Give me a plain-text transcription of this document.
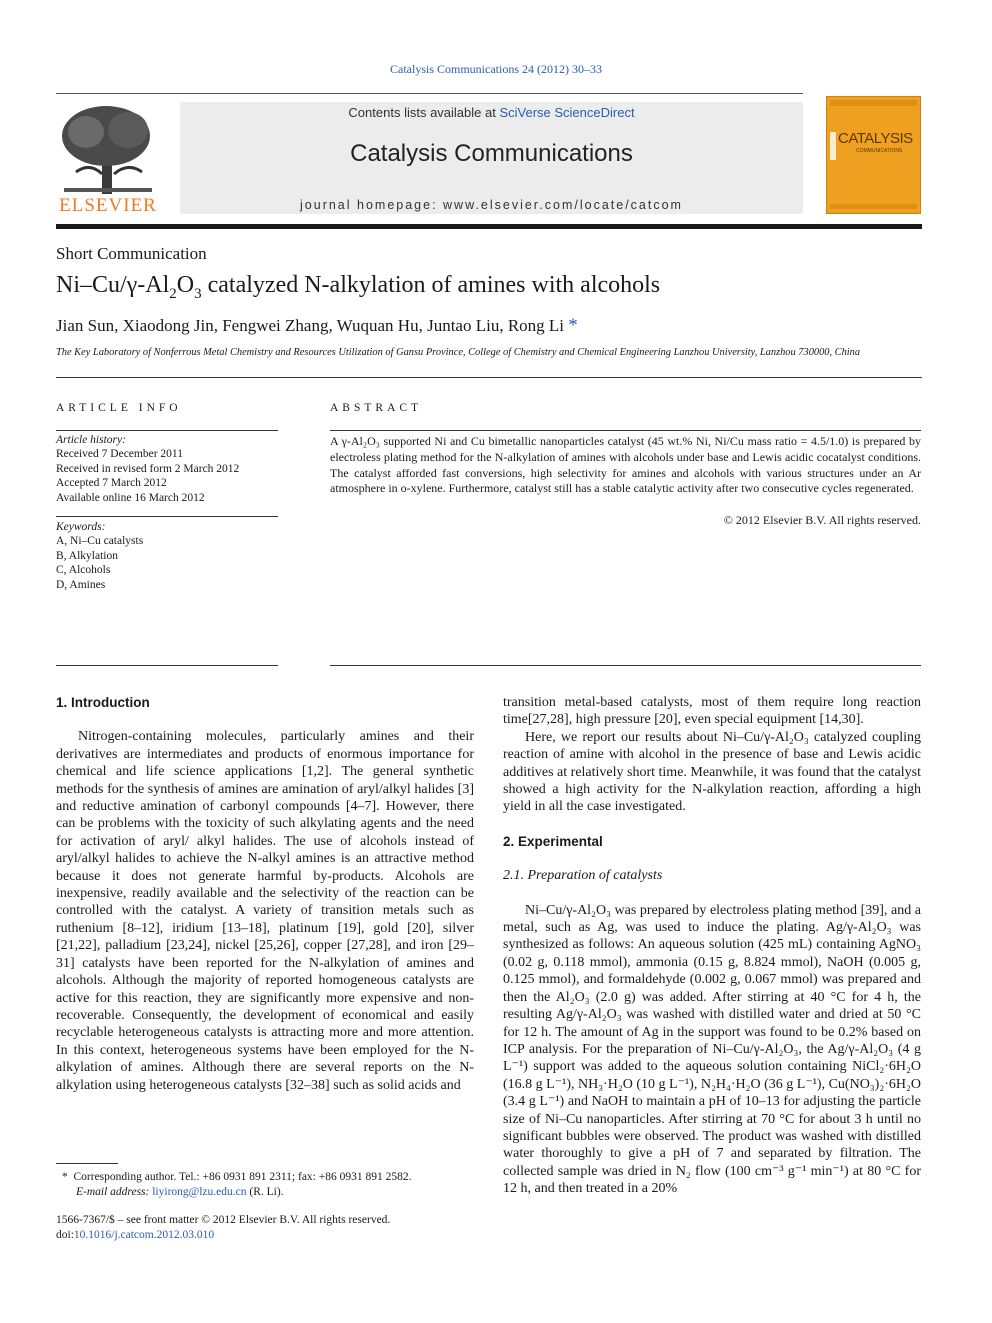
Catalysis Communications 24 (2012) 30–33
ELSEVIER
Contents lists available at SciVerse ScienceDirect
Catalysis Communications
journal homepage: www.elsevier.com/locate/catcom
CATALYSIS
COMMUNICATIONS
Short Communication
$Ni-Cu/\gamma-Al_2O_3$ catalyzed N-alkylation of amines with alcohols
Jian Sun, Xiaodong Jin, Fengwei Zhang, Wuquan Hu, Juntao Liu, Rong Li *
The Key Laboratory of Nonferrous Metal Chemistry and Resources Utilization of Gansu Province, College of Chemistry and Chemical Engineering Lanzhou University, Lanzhou 730000, China
ARTICLE INFO
Article history:
Received 7 December 2011
Received in revised form 2 March 2012
Accepted 7 March 2012
Available online 16 March 2012
Keywords:
A, Ni–Cu catalysts
B, Alkylation
C, Alcohols
D, Amines
ABSTRACT
A γ-Al₂O₃ supported Ni and Cu bimetallic nanoparticles catalyst (45 wt.% Ni, Ni/Cu mass ratio = 4.5/1.0) is prepared by electroless plating method for the N-alkylation of amines with alcohols under base and Lewis acidic cocatalyst conditions. The catalyst afforded fast conversions, high selectivity for amines and alcohols with various structures under an Ar atmosphere in o-xylene. Furthermore, catalyst still has a stable catalytic activity after two consecutive cycles regenerated.
© 2012 Elsevier B.V. All rights reserved.
1. Introduction

Nitrogen-containing molecules, particularly amines and their derivatives are intermediates and products of enormous importance for chemical and life science applications [1,2]. The general synthetic methods for the synthesis of amines are amination of aryl/alkyl halides [3] and reductive amination of carbonyl compounds [4–7]. However, there can be problems with the toxicity of such alkylating agents and the need for activation of aryl/ alkyl halides. The use of alcohols instead of aryl/alkyl halides to achieve the N-alkyl amines is an attractive method because it does not generate harmful by-products. Alcohols are inexpensive, readily available and the selectivity of the reaction can be controlled with the catalyst. A variety of transition metals such as ruthenium [8–12], iridium [13–18], platinum [19], gold [20], silver [21,22], palladium [23,24], nickel [25,26], copper [27,28], and iron [29–31] catalysts have been reported for the N-alkylation of amines and alcohols. Although the majority of reported homogeneous catalysts are active for this reaction, they are significantly more expensive and non-recoverable. Consequently, the development of economical and easily recyclable heterogeneous catalysts is attracting more and more attention. In this context, heterogeneous systems have been employed for the N-alkylation of amines. Although there are several reports on the N-alkylation using heterogeneous catalysts [32–38] such as solid acids and

transition metal-based catalysts, most of them require long reaction time[27,28], high pressure [20], even special equipment [14,30].

Here, we report our results about Ni–Cu/γ-Al₂O₃ catalyzed coupling reaction of amine with alcohol in the presence of base and Lewis acidic additives at relatively short time. Meanwhile, it was found that the catalyst showed a high activity for the N-alkylation reaction, affording a high yield in all the case investigated.

2. Experimental
2.1. Preparation of catalysts

Ni–Cu/γ-Al₂O₃ was prepared by electroless plating method [39], and a metal, such as Ag, was used to induce the plating. Ag/γ-Al₂O₃ was synthesized as follows: An aqueous solution (425 mL) containing AgNO₃ (0.02 g, 0.118 mmol), ammonia (0.15 g, 8.824 mmol), NaOH (0.005 g, 0.125 mmol), and formaldehyde (0.002 g, 0.067 mmol) was prepared and then the Al₂O₃ (2.0 g) was added. After stirring at 40 °C for 4 h, the resulting Ag/γ-Al₂O₃ was washed with distilled water and dried at 50 °C for 12 h. The amount of Ag in the support was found to be 0.2% based on ICP analysis. For the preparation of Ni–Cu/γ-Al₂O₃, the Ag/γ-Al₂O₃ (4 g L⁻¹) support was added to the aqueous solution containing NiCl₂·6H₂O (16.8 g L⁻¹), NH₃·H₂O (10 g L⁻¹), N₂H₄·H₂O (36 g L⁻¹), Cu(NO₃)₂·6H₂O (3.4 g L⁻¹) and NaOH to maintain a pH of 10–13 for adjusting the particle size of Ni–Cu nanoparticles. After stirring at 70 °C for about 3 h until no significant bubbles were observed. The product was washed with distilled water thoroughly to give a pH of 7 and separated by filtration. The collected sample was dried in N₂ flow (100 cm⁻³ g⁻¹ min⁻¹) at 80 °C for 12 h, and then treated in a 20%

* Corresponding author. Tel.: +86 0931 891 2311; fax: +86 0931 891 2582.
E-mail address: liyirong@lzu.edu.cn (R. Li).
1566-7367/$ – see front matter © 2012 Elsevier B.V. All rights reserved.
doi:10.1016/j.catcom.2012.03.010
